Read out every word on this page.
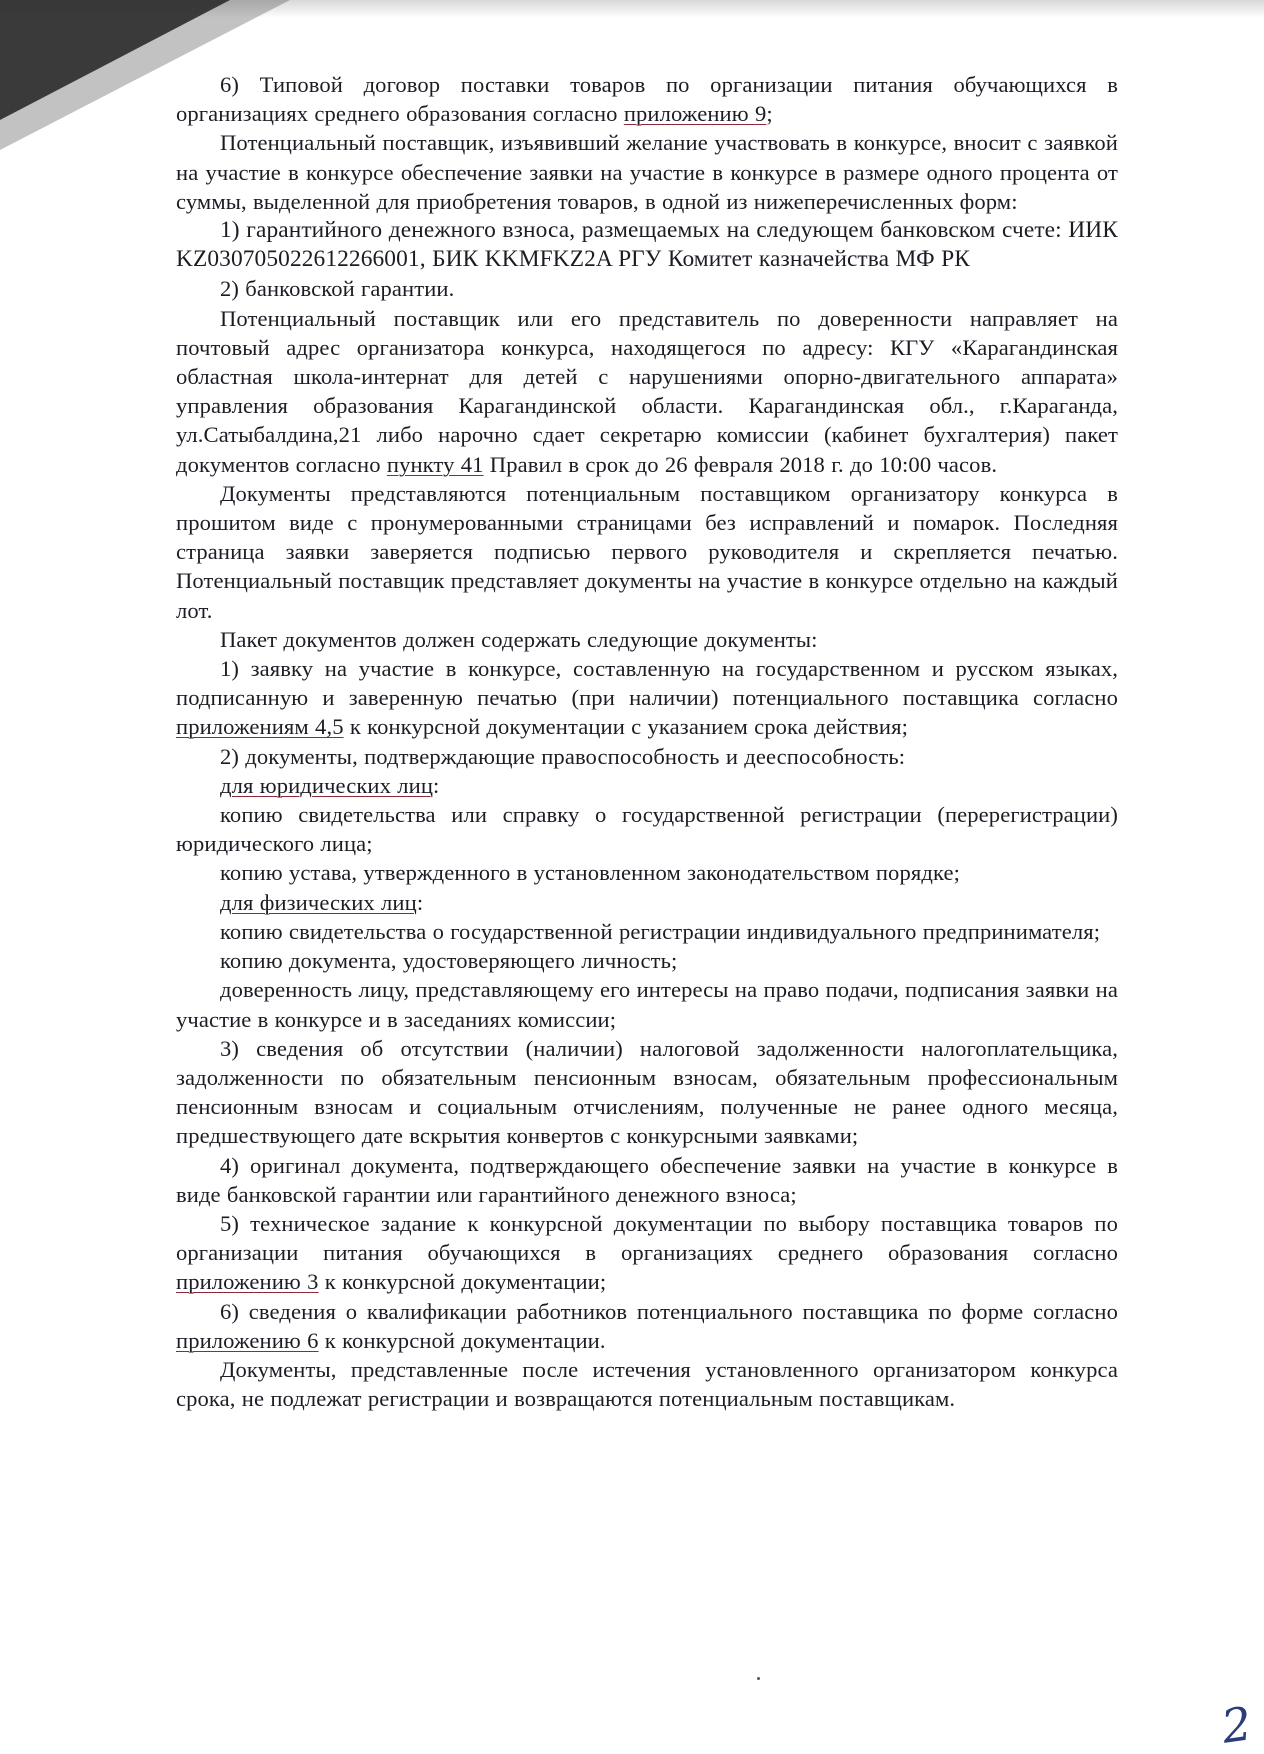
6) Типовой договор поставки товаров по организации питания обучающихся в организациях среднего образования согласно приложению 9;

Потенциальный поставщик, изъявивший желание участвовать в конкурсе, вносит с заявкой на участие в конкурсе обеспечение заявки на участие в конкурсе в размере одного процента от суммы, выделенной для приобретения товаров, в одной из нижеперечисленных форм:

1) гарантийного денежного взноса, размещаемых на следующем банковском счете: ИИК KZ030705022612266001, БИК KKMFKZ2A РГУ Комитет казначейства МФ РК

2) банковской гарантии.

Потенциальный поставщик или его представитель по доверенности направляет на почтовый адрес организатора конкурса, находящегося по адресу: КГУ «Карагандинская областная школа-интернат для детей с нарушениями опорно-двигательного аппарата» управления образования Карагандинской области. Карагандинская обл., г.Караганда, ул.Сатыбалдина,21 либо нарочно сдает секретарю комиссии (кабинет бухгалтерия) пакет документов согласно пункту 41 Правил в срок до 26 февраля 2018 г. до 10:00 часов.

Документы представляются потенциальным поставщиком организатору конкурса в прошитом виде с пронумерованными страницами без исправлений и помарок. Последняя страница заявки заверяется подписью первого руководителя и скрепляется печатью. Потенциальный поставщик представляет документы на участие в конкурсе отдельно на каждый лот.

Пакет документов должен содержать следующие документы:

1) заявку на участие в конкурсе, составленную на государственном и русском языках, подписанную и заверенную печатью (при наличии) потенциального поставщика согласно приложениям 4,5 к конкурсной документации с указанием срока действия;

2) документы, подтверждающие правоспособность и дееспособность:

для юридических лиц:

копию свидетельства или справку о государственной регистрации (перерегистрации) юридического лица;

копию устава, утвержденного в установленном законодательством порядке;

для физических лиц:

копию свидетельства о государственной регистрации индивидуального предпринимателя;

копию документа, удостоверяющего личность;

доверенность лицу, представляющему его интересы на право подачи, подписания заявки на участие в конкурсе и в заседаниях комиссии;

3) сведения об отсутствии (наличии) налоговой задолженности налогоплательщика, задолженности по обязательным пенсионным взносам, обязательным профессиональным пенсионным взносам и социальным отчислениям, полученные не ранее одного месяца, предшествующего дате вскрытия конвертов с конкурсными заявками;

4) оригинал документа, подтверждающего обеспечение заявки на участие в конкурсе в виде банковской гарантии или гарантийного денежного взноса;

5) техническое задание к конкурсной документации по выбору поставщика товаров по организации питания обучающихся в организациях среднего образования согласно приложению 3 к конкурсной документации;

6) сведения о квалификации работников потенциального поставщика по форме согласно приложению 6 к конкурсной документации.

Документы, представленные после истечения установленного организатором конкурса срока, не подлежат регистрации и возвращаются потенциальным поставщикам.

2
